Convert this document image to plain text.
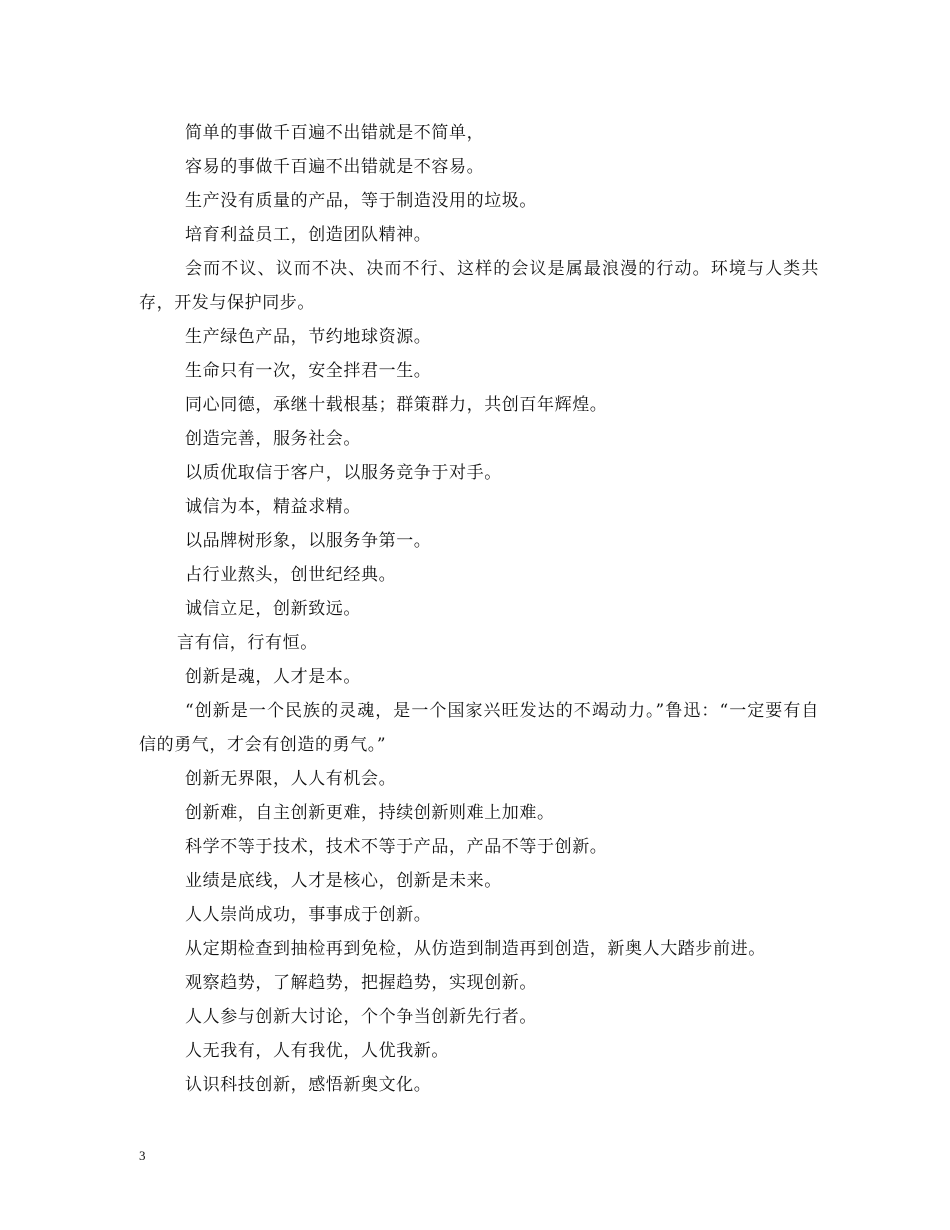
简单的事做千百遍不出错就是不简单，

容易的事做千百遍不出错就是不容易。

生产没有质量的产品，等于制造没用的垃圾。

培育利益员工，创造团队精神。

会而不议、议而不决、决而不行、这样的会议是属最浪漫的行动。环境与人类共存，开发与保护同步。

生产绿色产品，节约地球资源。

生命只有一次，安全拌君一生。

同心同德，承继十载根基；群策群力，共创百年辉煌。

创造完善，服务社会。

以质优取信于客户，以服务竞争于对手。

诚信为本，精益求精。

以品牌树形象，以服务争第一。

占行业熬头，创世纪经典。

诚信立足，创新致远。

言有信，行有恒。

创新是魂，人才是本。

“创新是一个民族的灵魂，是一个国家兴旺发达的不竭动力。”鲁迅：“一定要有自信的勇气，才会有创造的勇气。”

创新无界限，人人有机会。

创新难，自主创新更难，持续创新则难上加难。

科学不等于技术，技术不等于产品，产品不等于创新。

业绩是底线，人才是核心，创新是未来。

人人崇尚成功，事事成于创新。

从定期检查到抽检再到免检，从仿造到制造再到创造，新奥人大踏步前进。

观察趋势，了解趋势，把握趋势，实现创新。

人人参与创新大讨论，个个争当创新先行者。

人无我有，人有我优，人优我新。

认识科技创新，感悟新奥文化。

3
